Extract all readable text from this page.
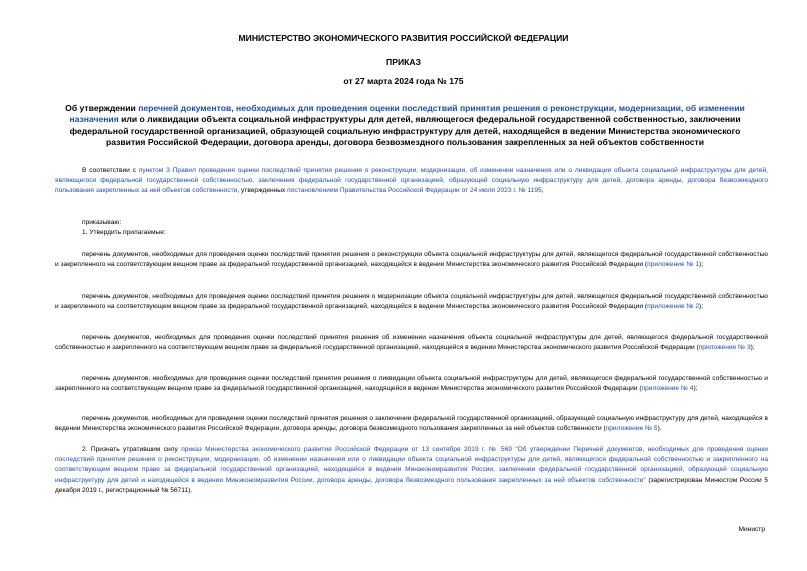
МИНИСТЕРСТВО ЭКОНОМИЧЕСКОГО РАЗВИТИЯ РОССИЙСКОЙ ФЕДЕРАЦИИ
ПРИКАЗ
от 27 марта 2024 года № 175
Об утверждении перечней документов, необходимых для проведения оценки последствий принятия решения о реконструкции, модернизации, об изменении назначения или о ликвидации объекта социальной инфраструктуры для детей, являющегося федеральной государственной собственностью, заключении федеральной государственной организацией, образующей социальную инфраструктуру для детей, находящейся в ведении Министерства экономического развития Российской Федерации, договора аренды, договора безвозмездного пользования закрепленных за ней объектов собственности
В соответствии с пунктом 3 Правил проведения оценки последствий принятия решения о реконструкции, модернизации, об изменении назначения или о ликвидации объекта социальной инфраструктуры для детей, являющегося федеральной государственной собственностью, заключения федеральной государственной организацией, образующей социальную инфраструктуру для детей, договора аренды, договора безвозмездного пользования закрепленных за ней объектов собственности, утвержденных постановлением Правительства Российской Федерации от 24 июля 2023 г. № 1195,
приказываю:
1. Утвердить прилагаемые:
перечень документов, необходимых для проведения оценки последствий принятия решения о реконструкции объекта социальной инфраструктуры для детей, являющегося федеральной государственной собственностью и закрепленного на соответствующем вещном праве за федеральной государственной организацией, находящейся в ведении Министерства экономического развития Российской Федерации (приложение № 1);
перечень документов, необходимых для проведения оценки последствий принятия решения о модернизации объекта социальной инфраструктуры для детей, являющегося федеральной государственной собственностью и закрепленного на соответствующем вещном праве за федеральной государственной организацией, находящейся в ведении Министерства экономического развития Российской Федерации (приложение № 2);
перечень документов, необходимых для проведения оценки последствий принятия решения об изменении назначения объекта социальной инфраструктуры для детей, являющегося федеральной государственной собственностью и закрепленного на соответствующем вещном праве за федеральной государственной организацией, находящейся в ведении Министерства экономического развития Российской Федерации (приложение № 3);
перечень документов, необходимых для проведения оценки последствий принятия решения о ликвидации объекта социальной инфраструктуры для детей, являющегося федеральной государственной собственностью и закрепленного на соответствующем вещном праве за федеральной государственной организацией, находящейся в ведении Министерства экономического развития Российской Федерации (приложение № 4);
перечень документов, необходимых для проведения оценки последствий принятия решения о заключении федеральной государственной организацией, образующей социальную инфраструктуру для детей, находящейся в ведении Министерства экономического развития Российской Федерации, договора аренды, договора безвозмездного пользования закрепленных за ней объектов собственности (приложение № 5).
2. Признать утратившим силу приказ Министерства экономического развития Российской Федерации от 13 сентября 2019 г. № 569 "Об утверждении Перечней документов, необходимых для проведения оценки последствий принятия решения о реконструкции, модернизации, об изменении назначения или о ликвидации объекта социальной инфраструктуры для детей, являющегося федеральной собственностью и закрепленного на соответствующем вещном праве за федеральной государственной организацией, находящейся в ведении Минэкономразвития России, заключении федеральной государственной организацией, образующей социальную инфраструктуру для детей и находящейся в ведении Минэкономразвития России, договора аренды, договора безвозмездного пользования закрепленных за ней объектов собственности" (зарегистрирован Минюстом России 5 декабря 2019 г., регистрационный № 56711).
Министр
